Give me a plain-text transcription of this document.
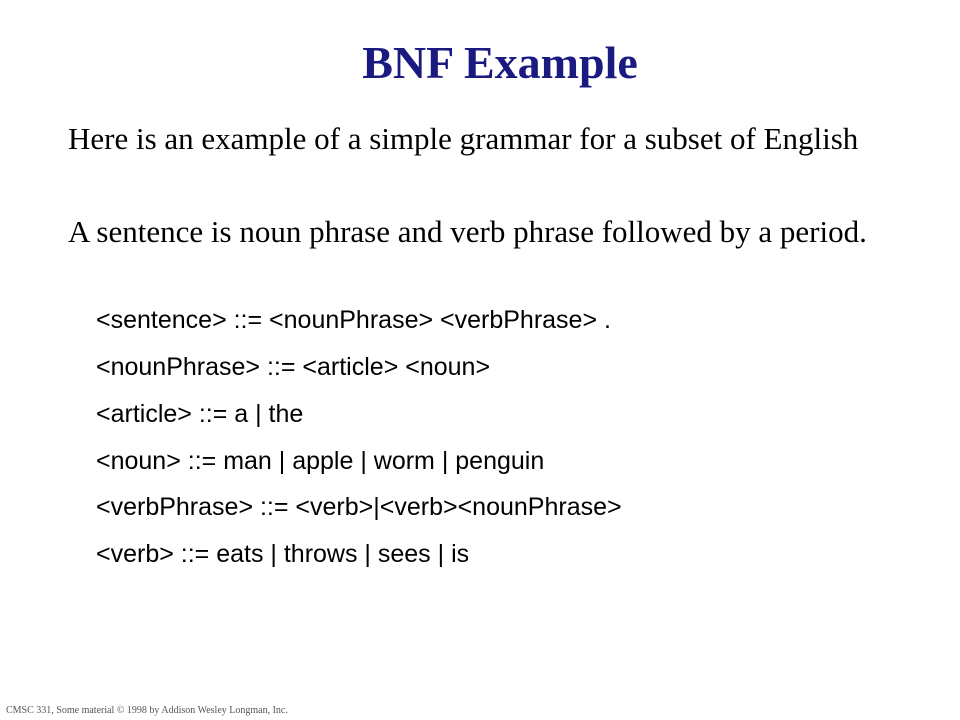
BNF Example

Here is an example of a simple grammar for a subset of English

A sentence is noun phrase and verb phrase followed by a period.

<sentence> ::= <nounPhrase> <verbPhrase> .
<nounPhrase> ::= <article> <noun>
<article> ::= a | the
<noun> ::= man | apple | worm | penguin
<verbPhrase> ::= <verb>|<verb><nounPhrase>
<verb> ::= eats | throws | sees | is
CMSC 331, Some material © 1998 by Addison Wesley Longman, Inc.
